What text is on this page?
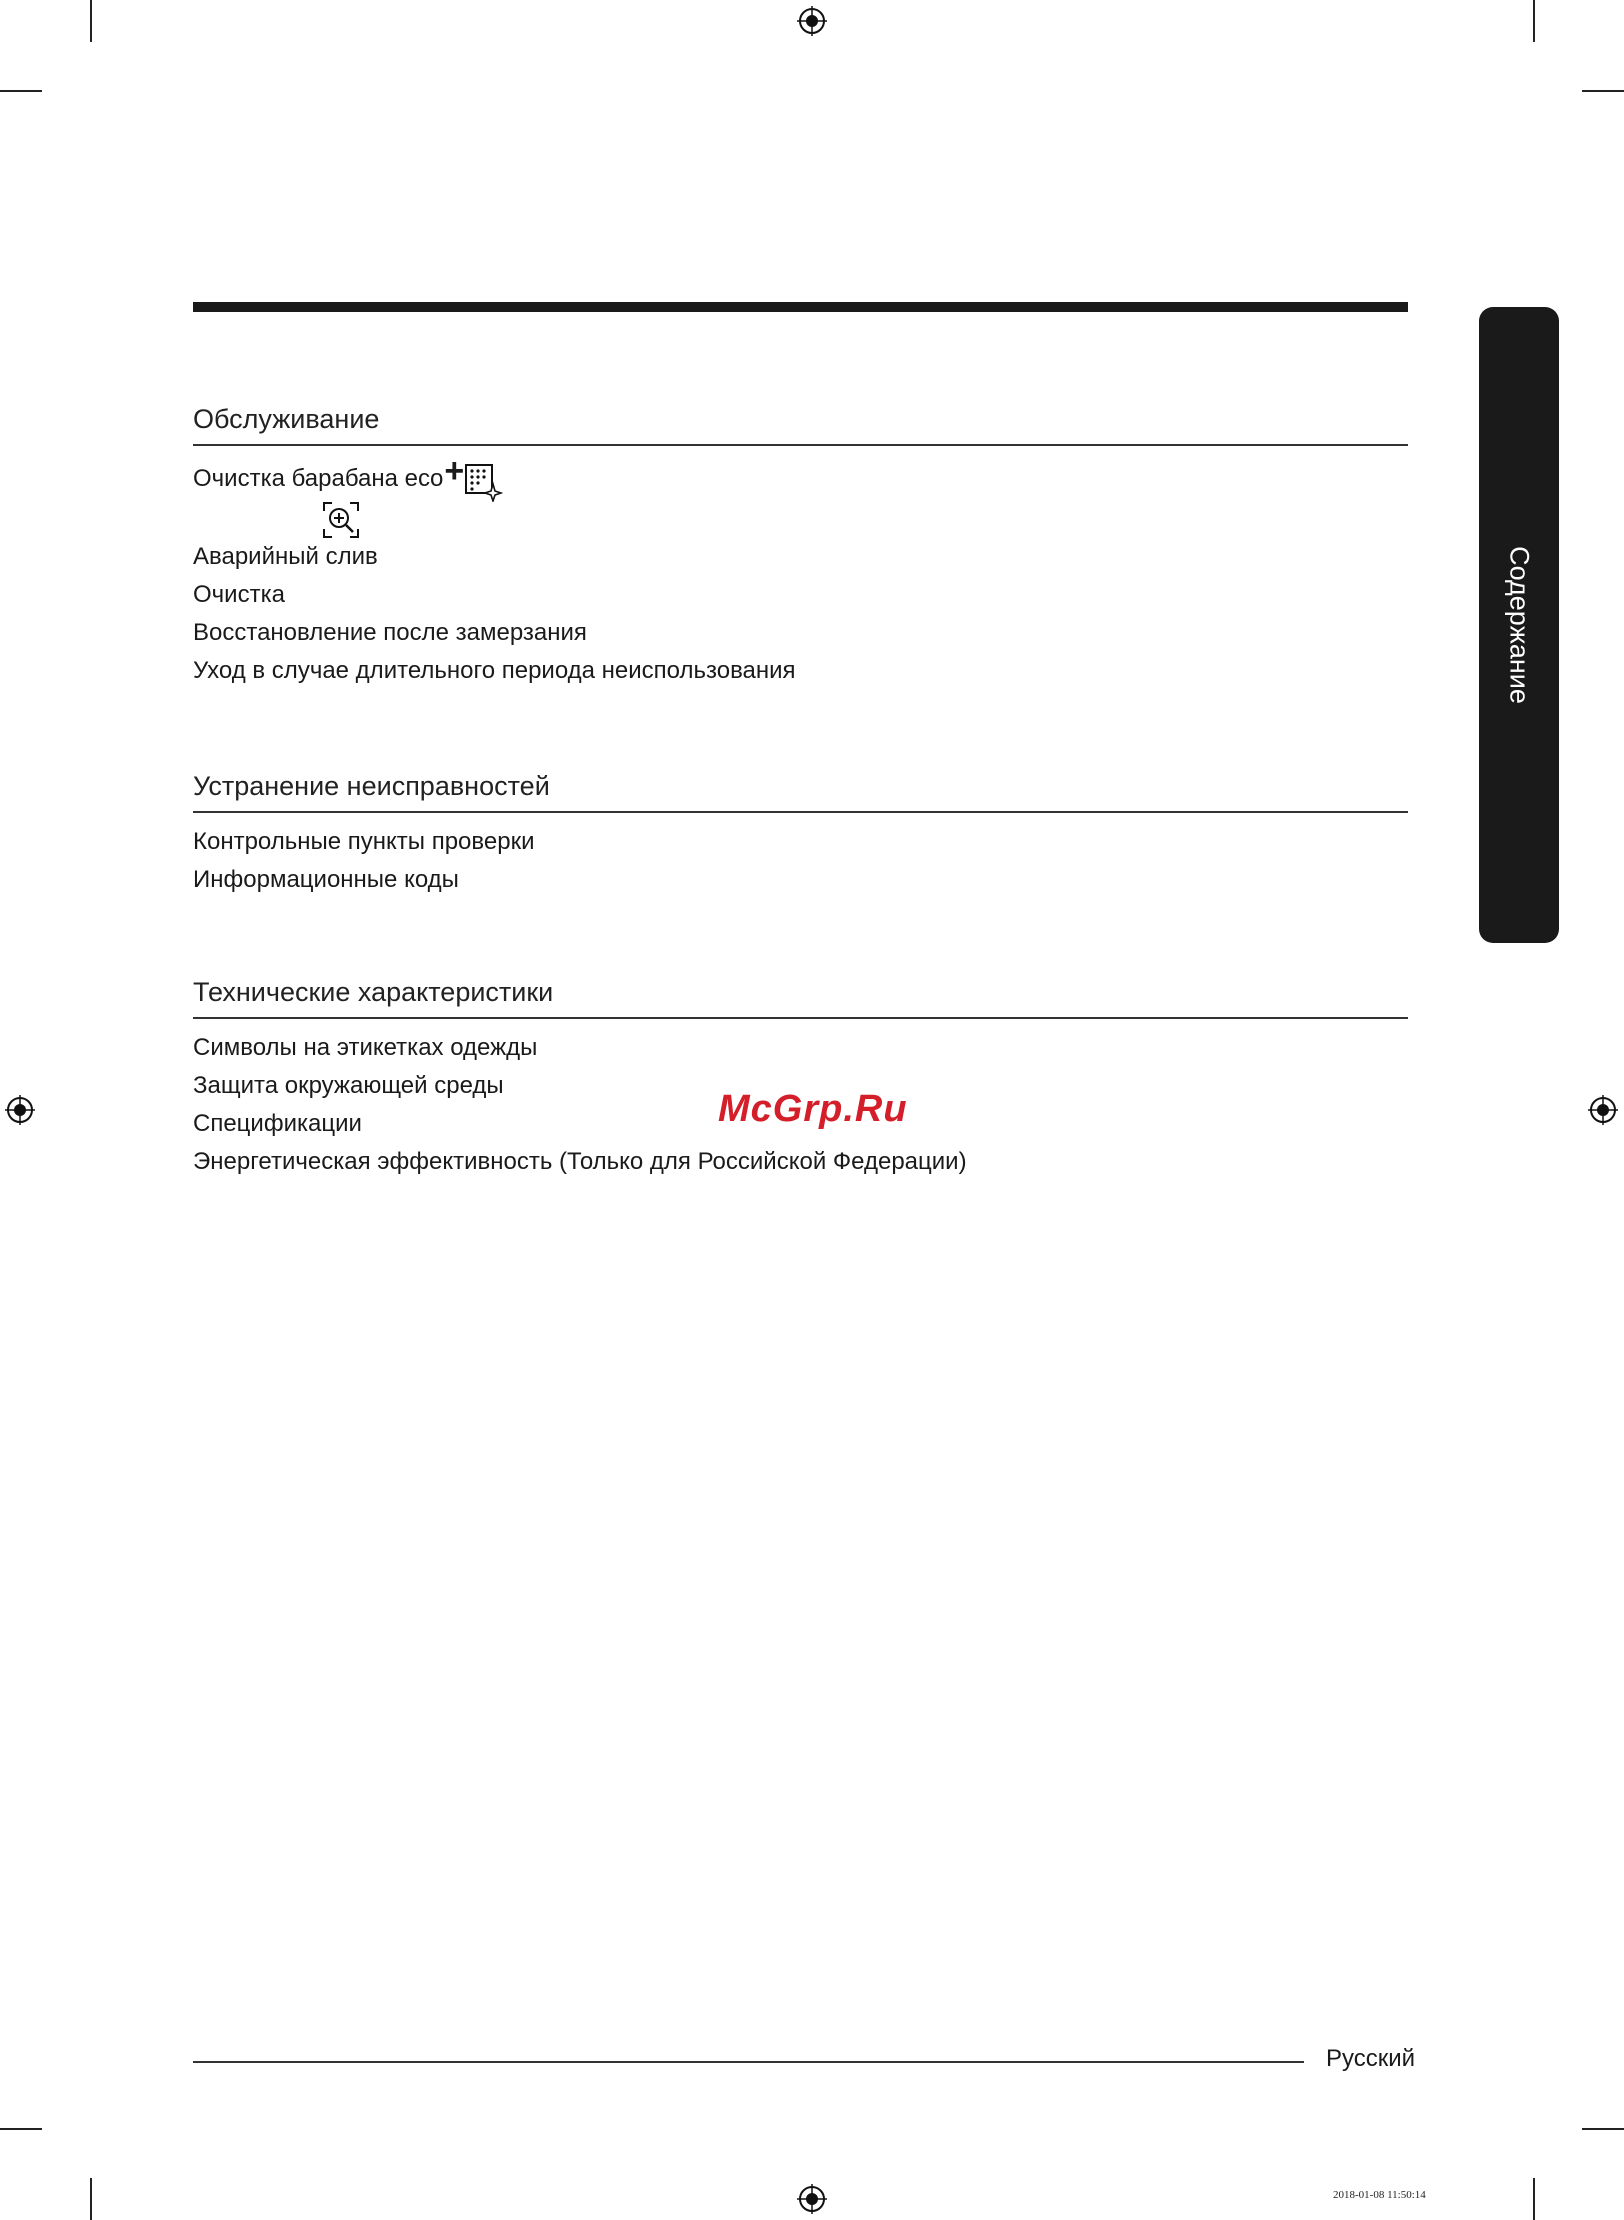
Обслуживание
Очистка барабана eco+
Аварийный слив
Очистка
Восстановление после замерзания
Уход в случае длительного периода неиспользования
Устранение неисправностей
Контрольные пункты проверки
Информационные коды
Технические характеристики
Символы на этикетках одежды
Защита окружающей среды
Спецификации
Энергетическая эффективность (Только для Российской Федерации)
Содержание
McGrp.Ru
Русский
2018-01-08 11:50:14
